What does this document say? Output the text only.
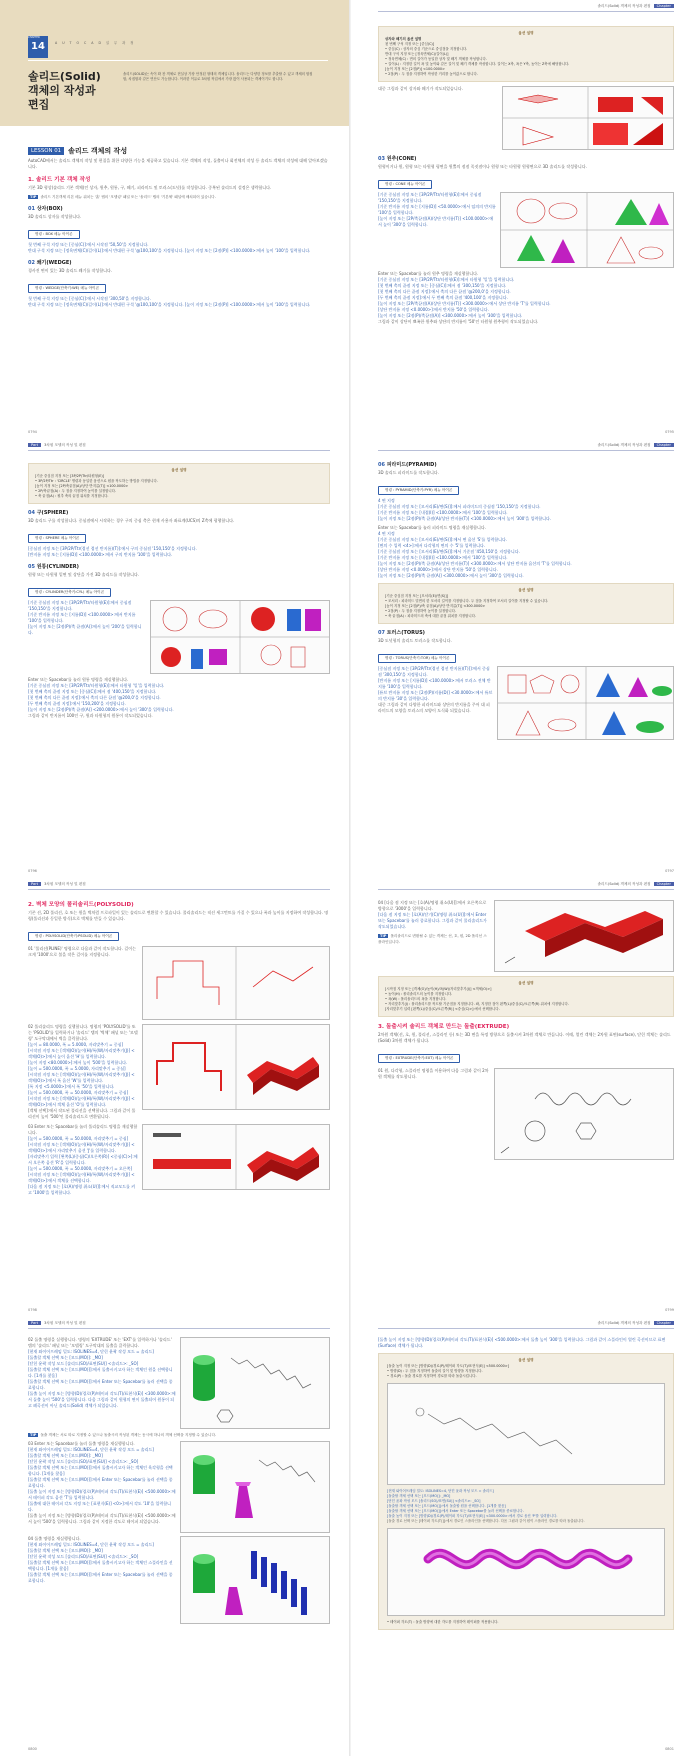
14
CHAPTER
A U T O C A D 실 무 과 정
솔리드(Solid) 객체의 작성과 편집
솔리드(SOLID)는 속이 꽉 찬 객체로 현실상 가장 안정된 형태의 객체입니다. 솔리드는 다양한 정보를 추출할 수 있고 객체의 합집합, 차집합과 같은 연산도 가능합니다. 이러한 이유로 3차원 작업에서 가장 많이 사용되는 객체이기도 합니다.
솔리드(Solid) 객체의 작성과 편집 Chapter
LESSON 01	솔리드 객체의 작성

AutoCAD에서는 솔리드 객체의 작성 및 편집을 위한 다양한 기능을 제공하고 있습니다. 기본 객체의 작성, 돌출이나 회전체의 작성 등 솔리드 객체의 작성에 대해 알아보겠습니다.

1. 솔리드 기본 객체 작성

기본 3D 형상(솔리드 기본 객체)인 상자, 원추, 원통, 구, 쐐기, 피라미드 및 토러스(도넛)를 작성합니다. 중복된 솔리드의 설정은 생략합니다.

TIP 솔리드 기본객체 리본 메뉴 위치는 '홈' 탭의 '모델링' 패널 또는 '솔리드' 탭의 '기본체' 패널에 배치되어 있습니다.

01 상자(BOX)

3D 솔리드 상자를 작성합니다.

명령 : BOX 메뉴 아이콘

첫 번째 구석 지정 또는 [중심(C)]:에서 시작점 '50,50'을 지정합니다.

반대 구석 지정 또는 [정육면체(C)/길이(L)]:에서 반대편 구석 '@100,100'을 지정합니다. [높이 지정 또는 [2점(P)] <100.0000>:에서 높이 '100'을 입력합니다.

02 쐐기(WEDGE)

경사진 면이 있는 3D 솔리드 쐐기를 작성합니다.

명령 : WEDGE(단축키:WE) 메뉴 아이콘

첫 번째 구석 지정 또는 [중심(C)]:에서 시작점 '300,50'을 지정합니다.

반대 구석 지정 또는 [정육면체(C)/길이(L)]:에서 반대편 구석 '@100,100'을 지정합니다. [높이 지정 또는 [2점(P)] <100.0000>:에서 높이 '100'을 입력합니다.

0794
옵션 설명

상자와 쐐기의 옵션 설명

첫 번째 구석 지정 또는 [중심(C)]

• 중심(C) : 상자의 중심 기준으로 중심점을 지정합니다.

반대 구석 지정 또는 [정육면체(C)/길이(L)]

• 정육면체(C) : 면의 길이가 동일한 상자 및 쐐기 객체를 작성합니다.

• 길이(L) : 지정한 길이 폭 및 높이와 같은 길이 및 쐐기 객체를 작성합니다. 길이는 X축, 폭은 Y축, 높이는 Z축에 해당합니다.

[높이 지정 또는 [2점(P)] <100.0000>

• 2점(P) : 두 점을 지정하여 작성한 거리를 높이값으로 합니다.

대중 그림과 같이 상자와 쐐기가 작도되었습니다.

03 원추(CONE)

원형이거나 원, 원형 또는 타원형 평면을 원뿔의 점점 꼭짓점이나 원형 또는 타원형 원형면으로 3D 솔리드를 작성합니다.

명령 : CONE 메뉴 아이콘

[기준 중심점 지정 또는 [3P/2P/Ttr/타원형(E)]:에서 중심점 '150,150'을 지정합니다.

[기준 반지름 지정 또는 [지름(D)] <50.0000>:에서 임의의 반지름 '100'을 입력합니다.

[높이 지정 또는 [2P/축끝점(A)/상단 반지름(T)] <100.0000>:에서 높이 '300'을 입력합니다.

Enter 또는 Spacebar를 눌러 원추 명령을 재실행합니다.

[기준 중심점 지정 또는 [3P/2P/Ttr/타원형(E)]:에서 타원형 '일'을 입력합니다.

[첫 번째 축의 끝점 지정 또는 [중심(C)]:에서 점 '300,150'을 지정합니다.

[첫 번째 축의 다른 끝점 지정]:에서 축의 다른 끝점 '@200,0'을 지정합니다.

[두 번째 축의 끝점 지정]:에서 두 번째 축의 끝점 '400,100'을 지정합니다.

[높이 지정 또는 [2P/축끝점(A)/상단 반지름(T)] <300.0000>:에서 상단 반지름 'T'를 입력합니다.

[상단 반지름 지정 <0.0000>]:에서 반지름 '50'을 입력합니다.

[높이 지정 또는 [2점(P)/축끝점(A)] <300.0000>:에서 높이 '300'을 입력합니다.

그림과 같이 상단이 뾰족한 원추와 상단의 반지름이 '50'인 타원형 원추형이 작도되었습니다.

0795
Part 3차원 모델의 작성 및 편집	솔리드(Solid) 객체의 작성과 편집 Chapter
옵션 설명

[기준 중심점 지정 또는 [3P/2P/Ttr/타원형(E)]

• 3P/2P/Ttr : 'CIRCLE' 명령과 동일한 옵션으로 원을 작도하는 방법을 지정합니다.

[높이 지정 또는 [2P/축끝점(A)/상단 반지름(T)] <100.0000>

• 2P/축끝점(A) : 두 점을 지정하여 높이를 설정합니다.

• 축 끝점(A) : 원추 축의 끝점 위치를 지정합니다.

04 구(SPHERE)

3D 솔리드 구를 작성합니다. 중심점에서 시작하는 경우 구의 중심 축은 현재 사용자 좌표계(UCS)의 Z축에 평행합니다.

명령 : SPHERE 메뉴 아이콘

[중심점 지정 또는 [3P/2P/Ttr(접선 접선 반지름)(T)]:에서 구의 중심점 '150,150'을 지정합니다.

[반지름 지정 또는 [지름(D)] <100.0000>:에서 구의 반지름 '100'을 입력합니다.

05 원통(CYLINDER)

원형 또는 타원형 밑면 및 상단을 가진 3D 솔리드를 작성합니다.

명령 : CYLINDER(단축키:CYL) 메뉴 아이콘

[기준 중심점 지정 또는 [3P/2P/Ttr/타원형(E)]:에서 중심점 '150,150'을 지정합니다.

[기준 반지름 지정 또는 [지름(D)] <100.0000>:에서 반지름 '100'을 입력합니다.

[높이 지정 또는 [2점(P)/축 끝점(A)]:에서 높이 '200'을 입력합니다.

Enter 또는 Spacebar를 눌러 원통 명령을 재실행합니다.

[기준 중심점 지정 또는 [3P/2P/Ttr/타원형(E)]:에서 타원형 '일'을 입력합니다.

[첫 번째 축의 끝점 지정 또는 [중심(C)]:에서 점 '400,150'을 지정합니다.

[첫 번째 축의 다른 끝점 지정]:에서 축의 다른 끝점 '@200,0'을 지정합니다.

[두 번째 축의 끝점 지정]:에서 '150,200'을 지정합니다.

[높이 지정 또는 [2점(P)/축 끝점(A)] <200.0000>:에서 높이 '300'을 입력합니다.

그림과 같이 반지름이 100인 구, 원과 타원형의 원통이 작도되었습니다.

0796
06 피라미드(PYRAMID)

3D 솔리드 피라미드를 작도합니다.

명령 : PYRAMID(단축키:PYR) 메뉴 아이콘

4 면 지정

[기준 중심점 지정 또는 [모서리(E)/면(S)]]:에서 피라미드의 중심점 '150,150'을 지정합니다.

[기준 반지름 지정 또는 [내접(I)] <100.0000>:에서 '100'을 입력합니다.

[높이 지정 또는 [2점(P)/축 끝점(A)/상단 반지름(T)] <100.0000>:에서 높이 '300'을 입력합니다.

Enter 또는 Spacebar를 눌러 피라미드 명령을 재실행합니다.

4 면 지정

[기준 중심점 지정 또는 [모서리(E)/면(S)]]:에서 면 옵션 'S'를 입력합니다.

[면의 수 입력 <4>]:에서 다각형의 면의 수 '5'를 입력합니다.

[기준 중심점 지정 또는 [모서리(E)/면(S)]]:에서 기준점 '450,150'을 지정합니다.

[기준 반지름 지정 또는 [내접(I)] <100.0000>:에서 '100'을 입력합니다.

[높이 지정 또는 [2점(P)/축 끝점(A)/상단 반지름(T)] <300.0000>:에서 상단 반지름 옵션의 'T'를 입력합니다.

[상단 반지름 지정 <0.0000>]:에서 상단 반지름 '50'을 입력합니다.

[높이 지정 또는 [2점(P)/축 끝점(A)] <300.0000>:에서 높이 '300'을 입력합니다.

옵션 설명

[기준 중심점 지정 또는 [모서리(E)/면(S)]]

• 모서리 : 피라미드 밑면의 한 모서리 길이를 지정합니다. 두 점을 지정하여 모서리 길이를 지정할 수 있습니다.

[높이 지정 또는 [2점(P)/축 끝점(A)/상단 반지름(T)] <300.0000>

• 2점(P) : 두 점을 지정하여 높이를 설정합니다.

• 축 끝점(A) : 피라미드의 축에 대한 끝점 위치를 지정합니다.

07 토러스(TORUS)

3D 도넛형의 솔리드 토러스를 작도합니다.

명령 : TORUS(단축키:TOR) 메뉴 아이콘

[중심점 지정 또는 [3P/2P/Ttr(접선 접선 반지름)(T)]]:에서 중심점 '300,150'을 지정합니다.

[반지름 지정 또는 [지름(D)] <100.0000>:에서 토러스 전체 반지름 '100'을 입력합니다.

[튜브 반지름 지정 또는 [2점(P)/지름(D)] <30.0000>:에서 튜브의 반지름 '30'을 입력합니다.

대중 그림과 같이 다양한 피라미드와 상단의 반지름을 주어 대 피라미드의 모양을 토러스의 모양이 도식화 되었습니다.

0797
Part 3차원 모델의 작성 및 편집	솔리드(Solid) 객체의 작성과 편집 Chapter
2. 벽체 모양의 폴리솔리드(POLYSOLID)

기존 선, 2D 폴리선, 호 또는 원을 벽처럼 프로파일이 있는 솔리드로 변환할 수 있습니다. 폴리솔리드는 직선 세그먼트를 가질 수 있으나 폭과 높이를 지정하여 작성합니다. 명령(폴리선과 동일한 방식)으로 벽체를 만들 수 있습니다.

명령 : POLYSOLID(단축키:PSOLID) 메뉴 아이콘

01 '폴리선(PLINE)' 명령으로 다음과 같이 작도합니다. 길이는 크게 '1000'으로 볼을 작은 길이를 지정합니다.

02 폴리솔리드 명령을 실행합니다. 명령의 'POLYSOLID'를 또는 'PSOLID'를 입력하거나 '솔리드' 탭의 '벽체' 패널 또는 '모델링' 도구막대에서 벽을 클릭합니다.

[높이 = 80.0000, 폭 = 5.0000, 자리맞추기 = 중심]

[시작점 지정 또는 [객체(O)/높이(H)/폭(W)/자리맞추기(J)] <객체(O)>]:에서 높이 옵션 'H'를 입력합니다.

[높이 지정 <80.0000>]:에서 높이 '500'을 입력합니다.

[높이 = 500.0000, 폭 = 5.0000, 자리맞추기 = 중심]

[시작점 지정 또는 [객체(O)/높이(H)/폭(W)/자리맞추기(J)] <객체(O)>]:에서 폭 옵션 'W'를 입력합니다.

[폭 지정 <5.0000>]:에서 폭 '50'을 입력합니다.

[높이 = 500.0000, 폭 = 50.0000, 자리맞추기 = 중심]

[시작점 지정 또는 [객체(O)/높이(H)/폭(W)/자리맞추기(J)] <객체(O)>]:에서 객체 옵션 'O'를 입력합니다.

[객체 선택]:에서 작도된 폴리선을 선택합니다. 그림과 같이 폴리선이 높이 '500'인 폴리솔리드로 변환됩니다.

03 Enter 또는 Spacebar를 눌러 폴리솔리드 명령을 재실행합니다.

[높이 = 500.0000, 폭 = 50.0000, 자리맞추기 = 중심]

[시작점 지정 또는 [객체(O)/높이(H)/폭(W)/자리맞추기(J)] <객체(O)>]:에서 자리맞추기 옵션 'J'를 입력합니다.

[자리맞추기 입력 [왼쪽(L)/중심(C)/오른쪽(R)] <중심(C)>]:에서 오른쪽 옵션 'R'을 입력합니다.

[높이 = 500.0000, 폭 = 50.0000, 자리맞추기 = 오른쪽]

[시작점 지정 또는 [객체(O)/높이(H)/폭(W)/자리맞추기(J)] <객체(O)>]:에서 객체를 선택합니다.

[다음 점 지정 또는 [호(A)/명령 취소(U)]]:에서 직교모드를 켜고 '1000'을 입력합니다.

0798

04 [다음 점 지정 또는 [호(A)/명령 취소(U)]]:에서 오른쪽으로 방향으로 '3000'을 입력합니다.

[다음 점 지정 또는 [호(A)/닫기(C)/명령 취소(U)]]:에서 Enter 또는 Spacebar를 눌러 종료합니다. 그림과 같이 폴리솔리드가 작도되었습니다.

TIP 폴리솔리드로 변환될 수 있는 객체는 선, 호, 원, 2D 폴리선 스플라인입니다.

옵션 설명

[시작점 지정 또는 [객체(O)/높이(H)/폭(W)/자리맞추기(J)] <객체(O)>]

• 높이(H) : 폴리솔리드의 높이를 지정합니다.

• 폭(W) : 폴리솔리드의 폭을 지정합니다.

• 자리맞추기(J) : 폴리솔리드를 작도할 기준점을 지정합니다. 좌, 지정한 점이 왼쪽(L)/중심(C)/오른쪽(R) 위치에 지정합니다.

[자리맞추기 입력 [왼쪽(L)/중심(C)/오른쪽(R)] <중심(C)>]:에서 선택합니다.

3. 돌출시켜 솔리드 객체로 만드는 돌출(EXTRUDE)

2차원 객체(선, 호, 원, 폴리선, 스플라인 등) 또는 3D 면을 특정 방향으로 돌출시켜 3차원 객체로 만듭니다. 이때, 열린 객체는 2차원 표면(surface), 닫힌 객체는 솔리드(Solid) 3차원 객체가 됩니다.

명령 : EXTRUDE(단축키:EXT) 메뉴 아이콘

01 원, 다각형, 스플라인 명령을 이용하여 다음 그림과 같이 2차원 객체를 작도합니다.

0799
Part 3차원 모델의 작성 및 편집	솔리드(Solid) 객체의 작성과 편집 Chapter

02 돌출 명령을 실행합니다. 명령의 'EXTRUDE' 또는 'EXT'를 입력하거나 '솔리드' 탭의 '솔리드' 패널 또는 '모델링' 도구막대의 돌출을 클릭합니다.

[현재 와이어프레임 밀도: ISOLINES=4, 닫힌 윤곽 작성 모드 = 솔리드]

[돌출할 객체 선택 또는 [모드(MO)]: _MO]

[닫힌 윤곽 작성 모드 [솔리드(SO)/표면(SU)] <솔리드>: _SO]

[돌출할 객체 선택 또는 [모드(MO)]]:에서 돌출시키고자 하는 객체인 원을 선택합니다. [1개를 찾음]

[돌출할 객체 선택 또는 [모드(MO)]]:에서 Enter 또는 Spacebar를 눌러 선택을 종료합니다.

[돌출 높이 지정 또는 [방향(D)/경로(P)/테이퍼 각도(T)/표현식(E)] <300.0000>:에서 돌출 높이 '500'을 입력합니다. 다음 그림과 같이 원형의 면이 돌출되어 원통이 되고 폐곡선이 아닌 솔리드(Solid) 객체가 되었습니다.

TIP 돌출 객체는 서로 따로 지정할 수 있으나 돌출시켜 작성된 객체는 동시에 하나의 객체 선택을 지정할 수 있습니다.

03 Enter 또는 Spacebar를 눌러 돌출 명령을 재실행합니다.

[현재 와이어프레임 밀도: ISOLINES=4, 닫힌 윤곽 작성 모드 = 솔리드]

[돌출할 객체 선택 또는 [모드(MO)]: _MO]

[닫힌 윤곽 작성 모드 [솔리드(SO)/표면(SU)] <솔리드>: _SO]

[돌출할 객체 선택 또는 [모드(MO)]]:에서 돌출시키고자 하는 객체인 육각형을 선택합니다. [1개를 찾음]

[돌출할 객체 선택 또는 [모드(MO)]]:에서 Enter 또는 Spacebar를 눌러 선택을 종료합니다.

[돌출 높이 지정 또는 [방향(D)/경로(P)/테이퍼 각도(T)/표현식(E)] <500.0000>:에서 테이퍼 각도 옵션 'T'를 입력합니다.

[돌출에 대한 테이퍼 각도 지정 또는 [표현식(E)] <0>]:에서 각도 '10'을 입력합니다.

[돌출 높이 지정 또는 [방향(D)/경로(P)/테이퍼 각도(T)/표현식(E)] <500.0000>:에서 높이 '500'을 입력합니다. 그림과 같이 지정한 각도로 테이퍼 되었습니다.

04 돌출 명령을 재실행합니다.

[현재 와이어프레임 밀도: ISOLINES=4, 닫힌 윤곽 작성 모드 = 솔리드]

[돌출할 객체 선택 또는 [모드(MO)]: _MO]

[닫힌 윤곽 작성 모드 [솔리드(SO)/표면(SU)] <솔리드>: _SO]

[돌출할 객체 선택 또는 [모드(MO)]]:에서 돌출시키고자 하는 객체인 스플라인을 선택합니다. [1개를 찾음]

[돌출할 객체 선택 또는 [모드(MO)]]:에서 Enter 또는 Spacebar를 눌러 선택을 종료합니다.

0800

[돌출 높이 지정 또는 [방향(D)/경로(P)/테이퍼 각도(T)/표현식(E)] <500.0000>:에서 돌출 높이 '300'을 입력합니다. 그림과 같이 스플라인이 열린 곡선이므로 표면(Surface) 객체가 됩니다.

옵션 설명

[돌출 높이 지정 또는 [방향(D)/경로(P)/테이퍼 각도(T)/표현식(E)] <500.0000>]

• 방향(D) : 두 점을 지정하여 돌출의 길이 및 방향을 지정합니다.

• 경로(P) : 돌출 경로를 지정하여 경로를 따라 돌출시킵니다.

[현재 와이어프레임 밀도: ISOLINES=4, 닫힌 윤곽 작성 모드 = 솔리드]

[돌출할 객체 선택 또는 [모드(MO)]: _MO]

[닫힌 윤곽 작성 모드 [솔리드(SO)/표면(SU)] <솔리드>: _SO]

[돌출할 객체 선택 또는 [모드(MO)]]:에서 돌출할 원을 선택합니다. [1개를 찾음]

[돌출할 객체 선택 또는 [모드(MO)]]:에서 Enter 또는 Spacebar를 눌러 선택을 종료합니다.

[돌출 높이 지정 또는 [방향(D)/경로(P)/테이퍼 각도(T)/표현식(E)] <300.0000>:에서 경로 옵션 'P'를 입력합니다.

[돌출 경로 선택 또는 [테이퍼 각도(T)]]:에서 경로인 스플라인을 선택합니다. 다음 그림과 같이 원이 스플라인 경로를 따라 돌출됩니다.

• 테이퍼 각도(T) : 돌출 방향에 대한 각도를 지정하여 테이퍼를 적용합니다.

0801
